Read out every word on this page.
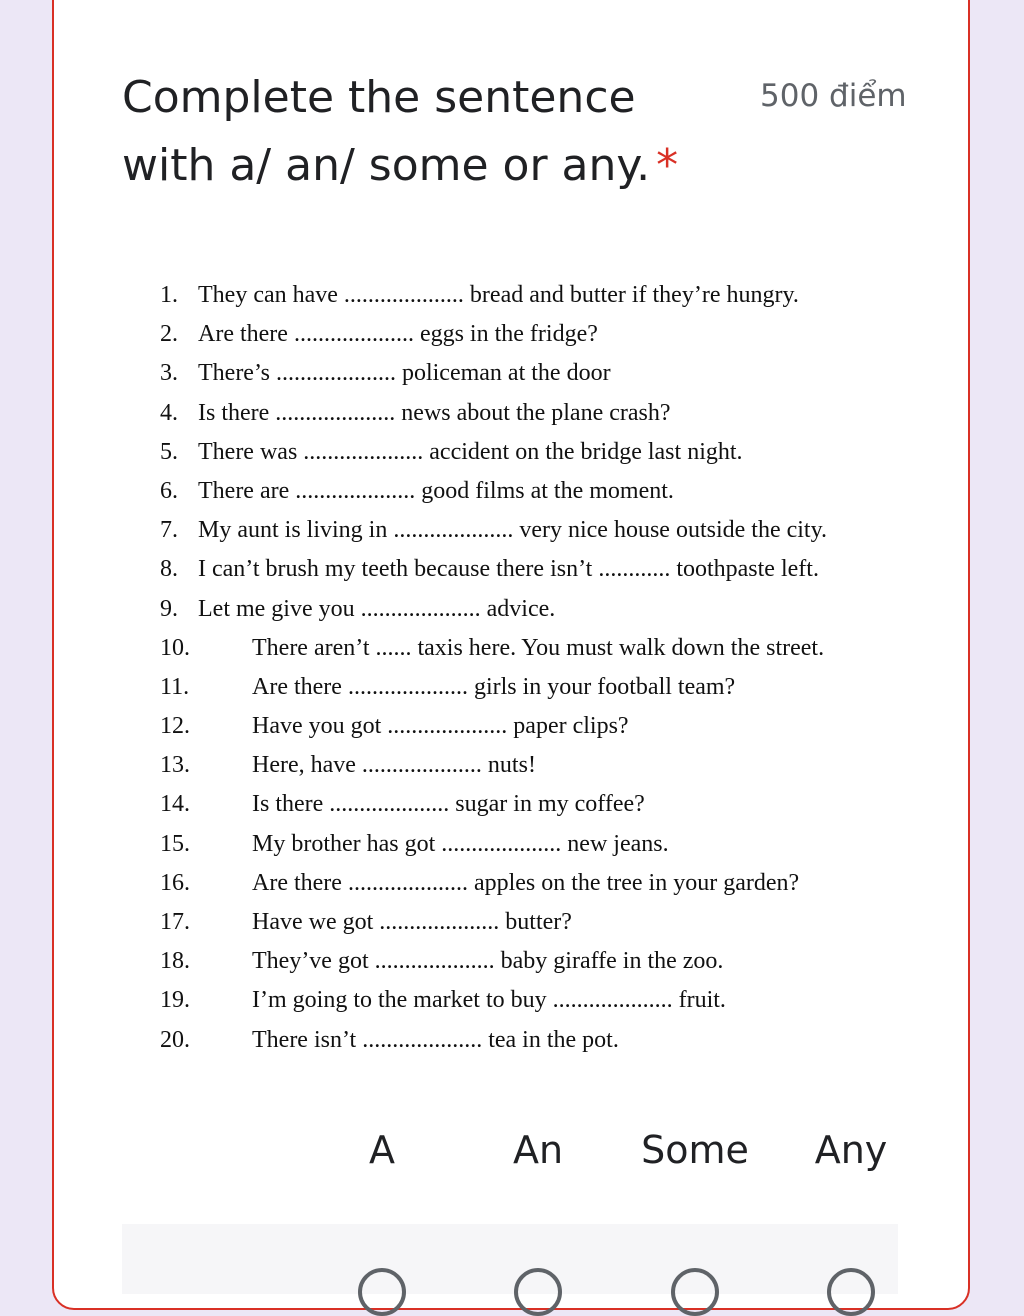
Complete the sentence with a/ an/ some or any. *
500 điểm
1. They can have .................... bread and butter if they’re hungry.
2. Are there .................... eggs in the fridge?
3. There’s .................... policeman at the door
4. Is there .................... news about the plane crash?
5. There was .................... accident on the bridge last night.
6. There are .................... good films at the moment.
7. My aunt is living in .................... very nice house outside the city.
8. I can’t brush my teeth because there isn’t ............ toothpaste left.
9. Let me give you .................... advice.
10.	There aren’t ...... taxis here. You must walk down the street.
11.	Are there .................... girls in your football team?
12.	Have you got .................... paper clips?
13.	Here, have .................... nuts!
14.	Is there .................... sugar in my coffee?
15.	My brother has got .................... new jeans.
16.	Are there .................... apples on the tree in your garden?
17.	Have we got .................... butter?
18.	They’ve got .................... baby giraffe in the zoo.
19.	I’m going to the market to buy .................... fruit.
20.	There isn’t .................... tea in the pot.
A	An Some Any
